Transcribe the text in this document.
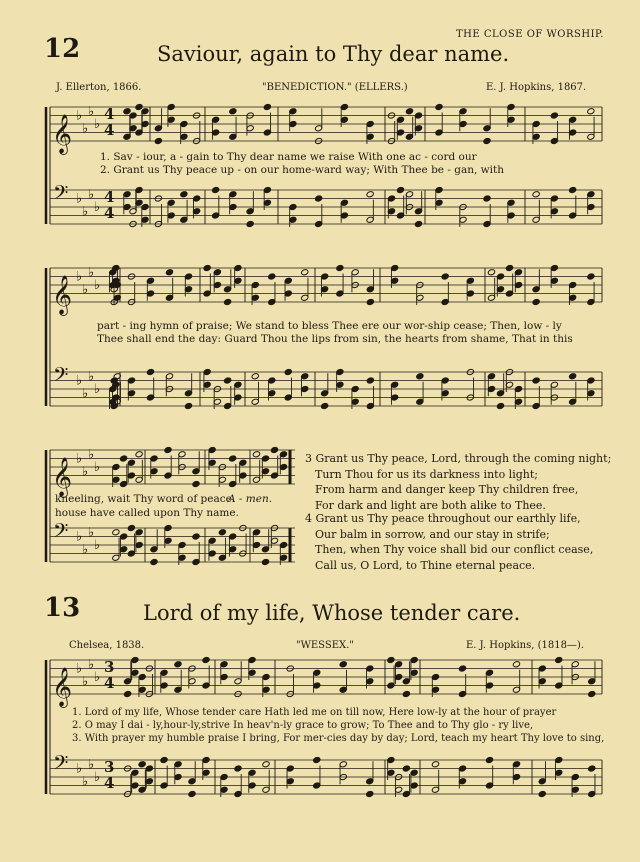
THE CLOSE OF WORSHIP.
12	Saviour, again to Thy dear name.
J. Ellerton, 1866.	"BENEDICTION." (ELLERS.)	E. J. Hopkins, 1867.
1. Sav - iour, a - gain to Thy dear name we raise With one ac - cord our
2. Grant us Thy peace up - on our home-ward way; With Thee be - gan, with
part - ing hymn of praise; We stand to bless Thee ere our wor-ship cease; Then, low - ly
Thee shall end the day: Guard Thou the lips from sin, the hearts from shame, That in this
kneeling, wait Thy word of peace.
A - men.
house have called upon Thy name.
3 Grant us Thy peace, Lord, through the coming night;
Turn Thou for us its darkness into light;
From harm and danger keep Thy children free,
For dark and light are both alike to Thee.
4 Grant us Thy peace throughout our earthly life,
Our balm in sorrow, and our stay in strife;
Then, when Thy voice shall bid our conflict cease,
Call us, O Lord, to Thine eternal peace.
13	Lord of my life, Whose tender care.
Chelsea, 1838.	"WESSEX."	E. J. Hopkins, (1818—).
1. Lord of my life, Whose tender care Hath led me on till now, Here low-ly at the hour of prayer
2. O may I dai - ly,hour-ly,strive In heav'n-ly grace to grow; To Thee and to Thy glo - ry live,
3. With prayer my humble praise I bring, For mer-cies day by day; Lord, teach my heart Thy love to sing,
𝄞
𝄢
♭
♭
♭
♭
♭
♭
♭
♭
4
4
4
4
𝄞
𝄢
♭
♭
♭
♭
♭
♭
♭
♭
𝄞
𝄢
♭
♭
♭
♭
♭
♭
♭
♭
𝄞
𝄢
♭
♭
♭
♭
♭
♭
♭
♭
3
3
4
4
